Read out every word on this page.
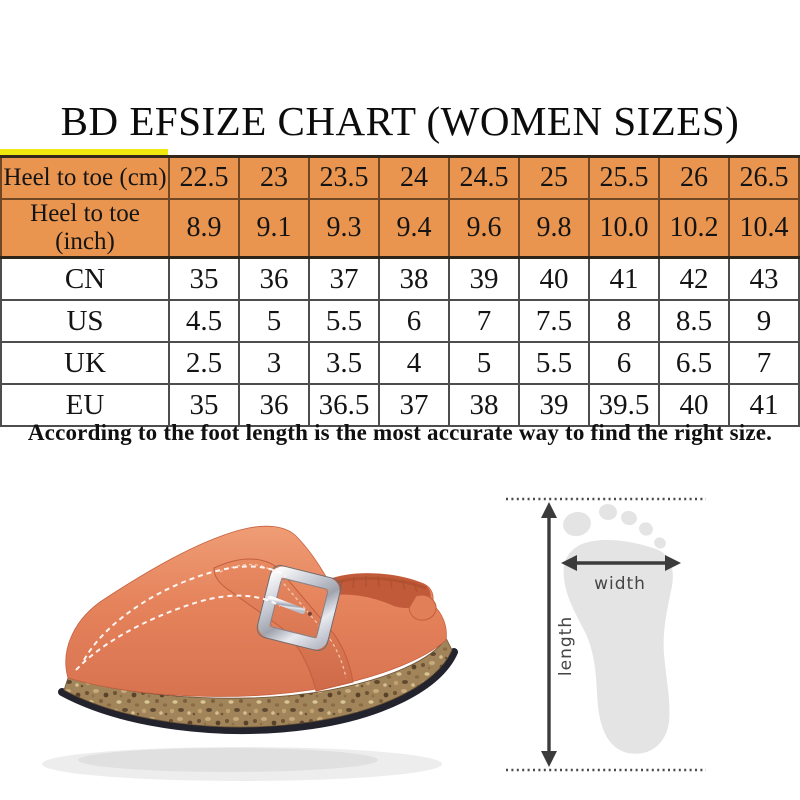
BD EFSIZE CHART (WOMEN SIZES)
Heel to toe (cm)	22.5	23	23.5	24	24.5	25	25.5	26	26.5
Heel to toe (inch)	8.9	9.1	9.3	9.4	9.6	9.8	10.0	10.2	10.4
CN	35	36	37	38	39	40	41	42	43
US	4.5	5	5.5	6	7	7.5	8	8.5	9
UK	2.5	3	3.5	4	5	5.5	6	6.5	7
EU	35	36	36.5	37	38	39	39.5	40	41
According to the foot length is the most accurate way to find the right size.
width
length
